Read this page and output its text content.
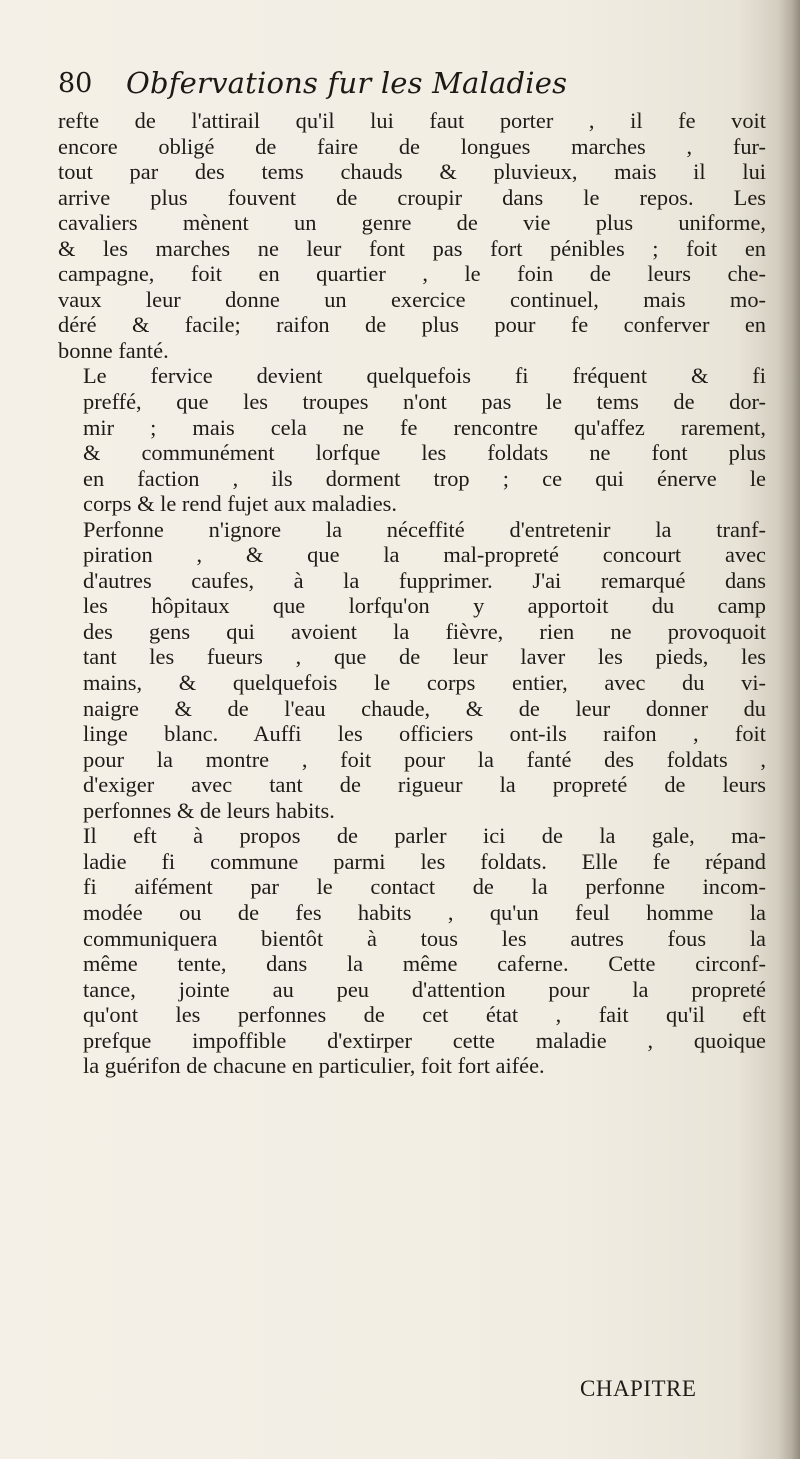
80 Obfervations fur les Maladies

refte de l'attirail qu'il lui faut porter , il fe voit
encore obligé de faire de longues marches , fur-
tout par des tems chauds & pluvieux, mais il lui
arrive plus fouvent de croupir dans le repos. Les
cavaliers mènent un genre de vie plus uniforme,
& les marches ne leur font pas fort pénibles ; foit en
campagne, foit en quartier , le foin de leurs che-
vaux leur donne un exercice continuel, mais mo-
déré & facile; raifon de plus pour fe conferver en
bonne fanté.

Le fervice devient quelquefois fi fréquent & fi
preffé, que les troupes n'ont pas le tems de dor-
mir ; mais cela ne fe rencontre qu'affez rarement,
& communément lorfque les foldats ne font plus
en faction , ils dorment trop ; ce qui énerve le
corps & le rend fujet aux maladies.

Perfonne n'ignore la néceffité d'entretenir la tranf-
piration , & que la mal-propreté concourt avec
d'autres caufes, à la fupprimer. J'ai remarqué dans
les hôpitaux que lorfqu'on y apportoit du camp
des gens qui avoient la fièvre, rien ne provoquoit
tant les fueurs , que de leur laver les pieds, les
mains, & quelquefois le corps entier, avec du vi-
naigre & de l'eau chaude, & de leur donner du
linge blanc. Auffi les officiers ont-ils raifon , foit
pour la montre , foit pour la fanté des foldats ,
d'exiger avec tant de rigueur la propreté de leurs
perfonnes & de leurs habits.

Il eft à propos de parler ici de la gale, ma-
ladie fi commune parmi les foldats. Elle fe répand
fi aifément par le contact de la perfonne incom-
modée ou de fes habits , qu'un feul homme la
communiquera bientôt à tous les autres fous la
même tente, dans la même caferne. Cette circonf-
tance, jointe au peu d'attention pour la propreté
qu'ont les perfonnes de cet état , fait qu'il eft
prefque impoffible d'extirper cette maladie , quoique
la guérifon de chacune en particulier, foit fort aifée.

CHAPITRE
